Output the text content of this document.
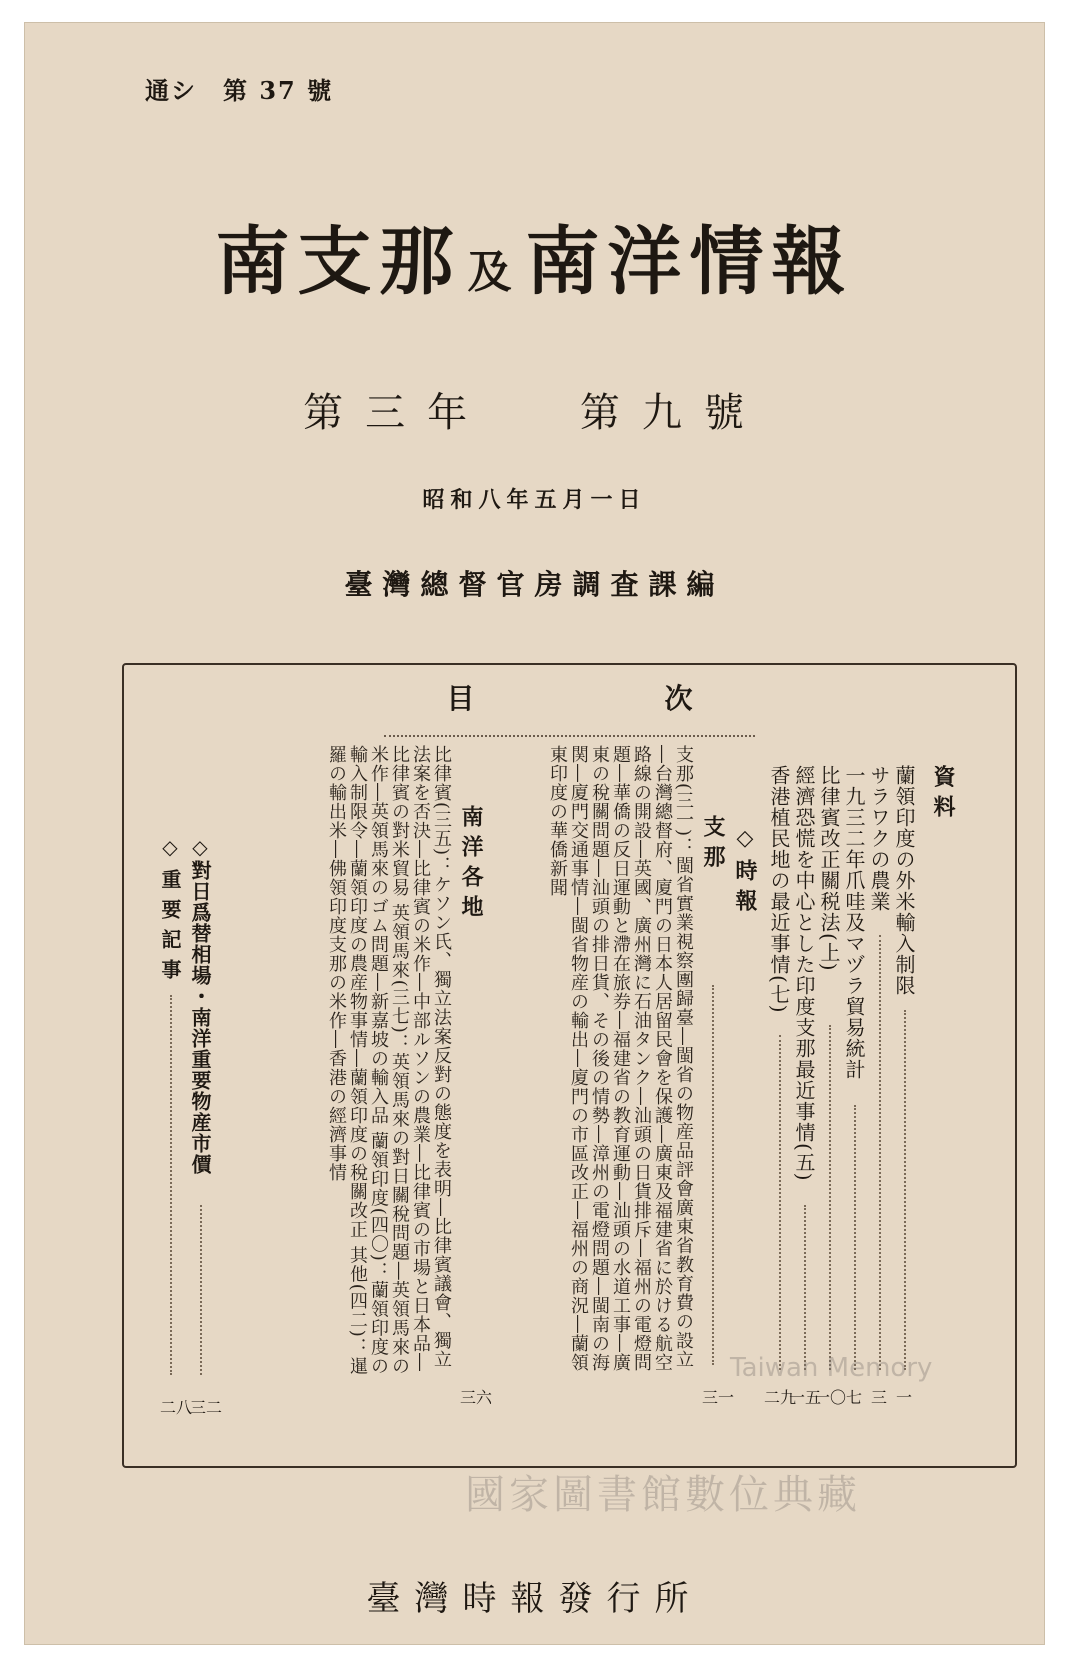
通シ　第 37 號
南支那 及南洋情報
第三年 第九號
昭和八年五月一日
臺灣總督官房調査課編
目次
資料
蘭領印度の外米輸入制限
一
サラワクの農業
三
一九三二年爪哇及マヅラ貿易統計
七
比律賓改正關税法(上)
一〇
經濟恐慌を中心とした印度支那最近事情(五)
一五
香港植民地の最近事情(七)
二九
◇時報
支那
三一
支那(三一)：閩省實業視察團歸臺―閩省の物産品評會廣東省教育費の設立―台灣總督府、廈門の日本人居留民會を保護―廣東及福建省に於ける航空路線の開設―英國、廣州灣に石油タンク―汕頭の日貨排斥―福州の電燈問題―華僑の反日運動と滯在旅券―福建省の教育運動―汕頭の水道工事―廣東の稅關問題―汕頭の排日貨、その後の情勢―漳州の電燈問題―閩南の海関―廈門交通事情―閩省物産の輸出―廈門の市區改正―福州の商況―蘭領東印度の華僑新聞
南洋各地
三六
比律賓(三五)：ケソン氏、獨立法案反對の態度を表明―比律賓議會、獨立法案を否決―比律賓の米作―中部ルソンの農業―比律賓の市場と日本品―比律賓の對米貿易 英領馬來(三七)：英領馬來の對日關稅問題―英領馬來の米作―英領馬來のゴム問題―新嘉坡の輸入品 蘭領印度(四〇)：蘭領印度の輸入制限令―蘭領印度の農産物事情―蘭領印度の稅關改正 其他(四二)：暹羅の輸出米―佛領印度支那の米作―香港の經濟事情
◇對日爲替相場・南洋重要物産市價
三二
◇重要記事
二八
Taiwan Memory
國家圖書館數位典藏
臺灣時報發行所
